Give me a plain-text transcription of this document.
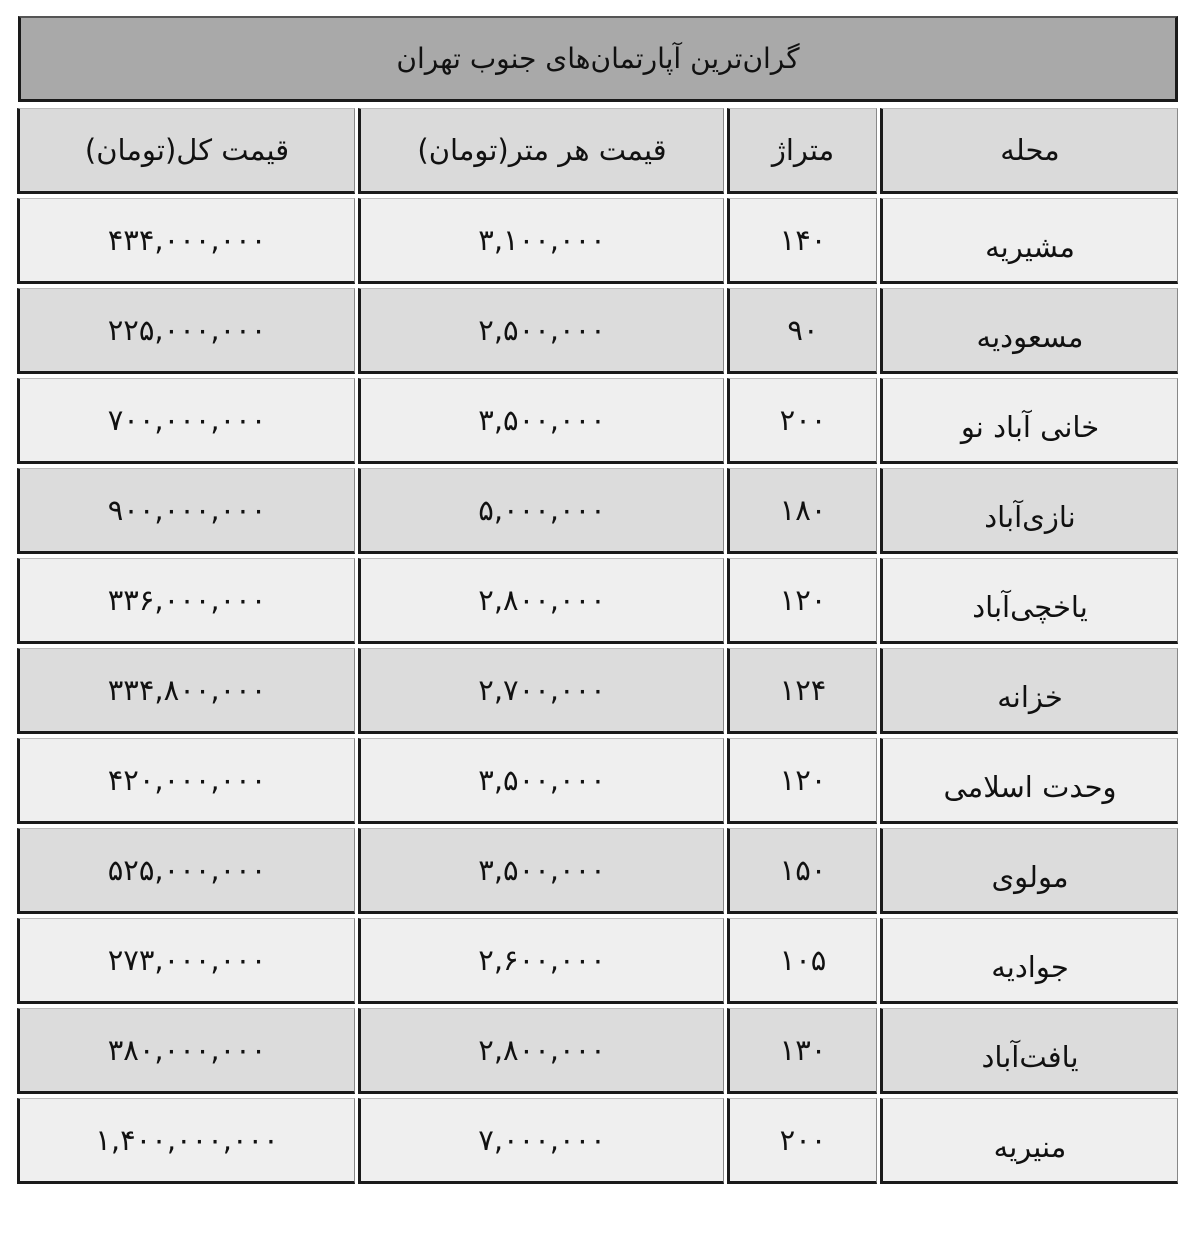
گران‌ترین آپارتمان‌های جنوب تهران
محله
متراژ
قیمت هر متر(تومان)
قیمت کل(تومان)
مشیریه
۱۴۰
۳,۱۰۰,۰۰۰
۴۳۴,۰۰۰,۰۰۰
مسعودیه
۹۰
۲,۵۰۰,۰۰۰
۲۲۵,۰۰۰,۰۰۰
خانی آباد نو
۲۰۰
۳,۵۰۰,۰۰۰
۷۰۰,۰۰۰,۰۰۰
نازی‌آباد
۱۸۰
۵,۰۰۰,۰۰۰
۹۰۰,۰۰۰,۰۰۰
یاخچی‌آباد
۱۲۰
۲,۸۰۰,۰۰۰
۳۳۶,۰۰۰,۰۰۰
خزانه
۱۲۴
۲,۷۰۰,۰۰۰
۳۳۴,۸۰۰,۰۰۰
وحدت اسلامی
۱۲۰
۳,۵۰۰,۰۰۰
۴۲۰,۰۰۰,۰۰۰
مولوی
۱۵۰
۳,۵۰۰,۰۰۰
۵۲۵,۰۰۰,۰۰۰
جوادیه
۱۰۵
۲,۶۰۰,۰۰۰
۲۷۳,۰۰۰,۰۰۰
یافت‌آباد
۱۳۰
۲,۸۰۰,۰۰۰
۳۸۰,۰۰۰,۰۰۰
منیریه
۲۰۰
۷,۰۰۰,۰۰۰
۱,۴۰۰,۰۰۰,۰۰۰
